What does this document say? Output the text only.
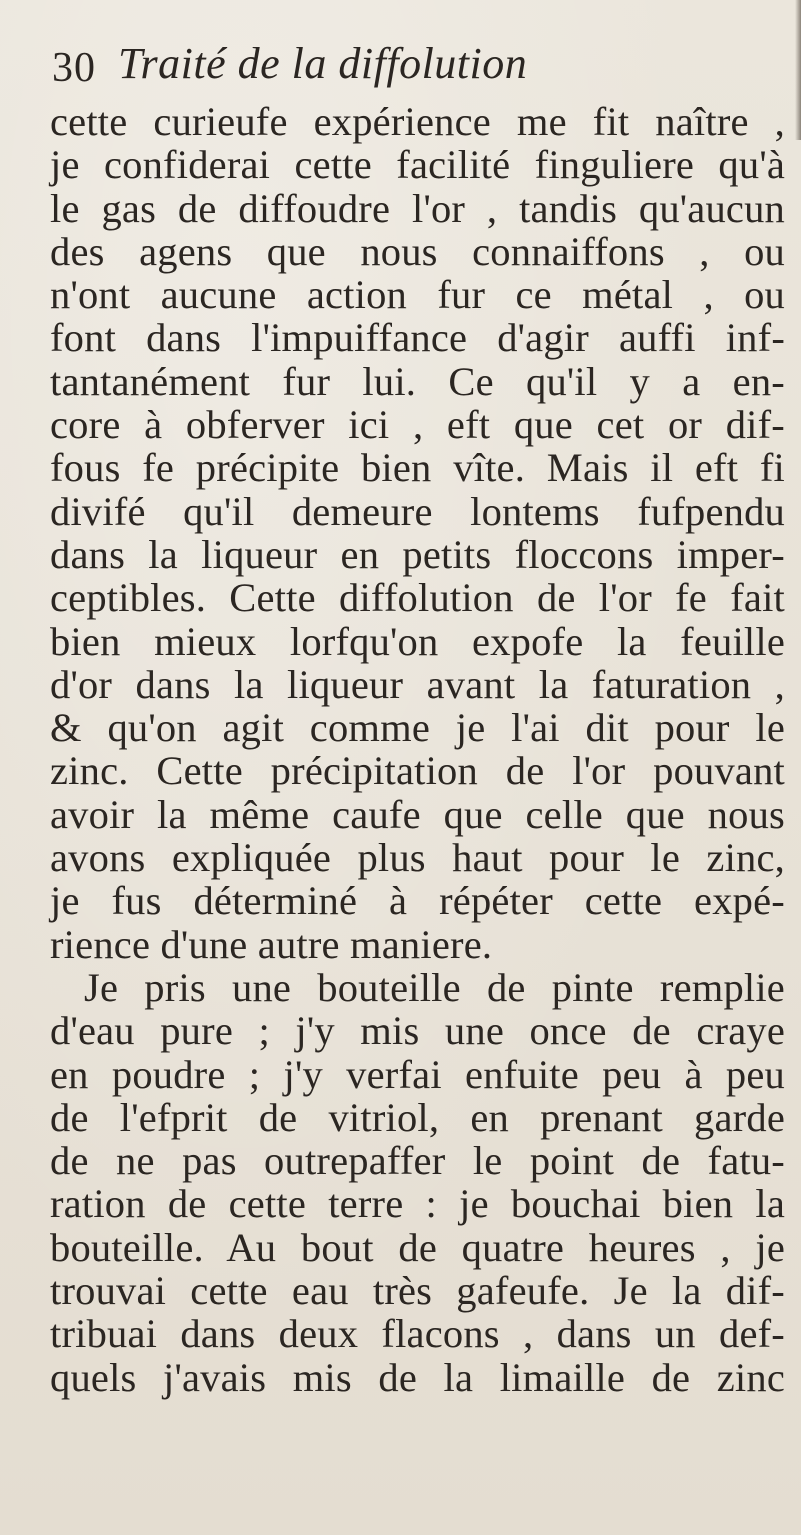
30 Traité de la diffolution
cette curieufe expérience me fit naître ,
je confiderai cette facilité finguliere qu'à
le gas de diffoudre l'or , tandis qu'aucun
des agens que nous connaiffons , ou
n'ont aucune action fur ce métal , ou
font dans l'impuiffance d'agir auffi inf-
tantanément fur lui. Ce qu'il y a en-
core à obferver ici , eft que cet or dif-
fous fe précipite bien vîte. Mais il eft fi
divifé qu'il demeure lontems fufpendu
dans la liqueur en petits floccons imper-
ceptibles. Cette diffolution de l'or fe fait
bien mieux lorfqu'on expofe la feuille
d'or dans la liqueur avant la faturation ,
& qu'on agit comme je l'ai dit pour le
zinc. Cette précipitation de l'or pouvant
avoir la même caufe que celle que nous
avons expliquée plus haut pour le zinc,
je fus déterminé à répéter cette expé-
rience d'une autre maniere.
Je pris une bouteille de pinte remplie
d'eau pure ; j'y mis une once de craye
en poudre ; j'y verfai enfuite peu à peu
de l'efprit de vitriol, en prenant garde
de ne pas outrepaffer le point de fatu-
ration de cette terre : je bouchai bien la
bouteille. Au bout de quatre heures , je
trouvai cette eau très gafeufe. Je la dif-
tribuai dans deux flacons , dans un def-
quels j'avais mis de la limaille de zinc
